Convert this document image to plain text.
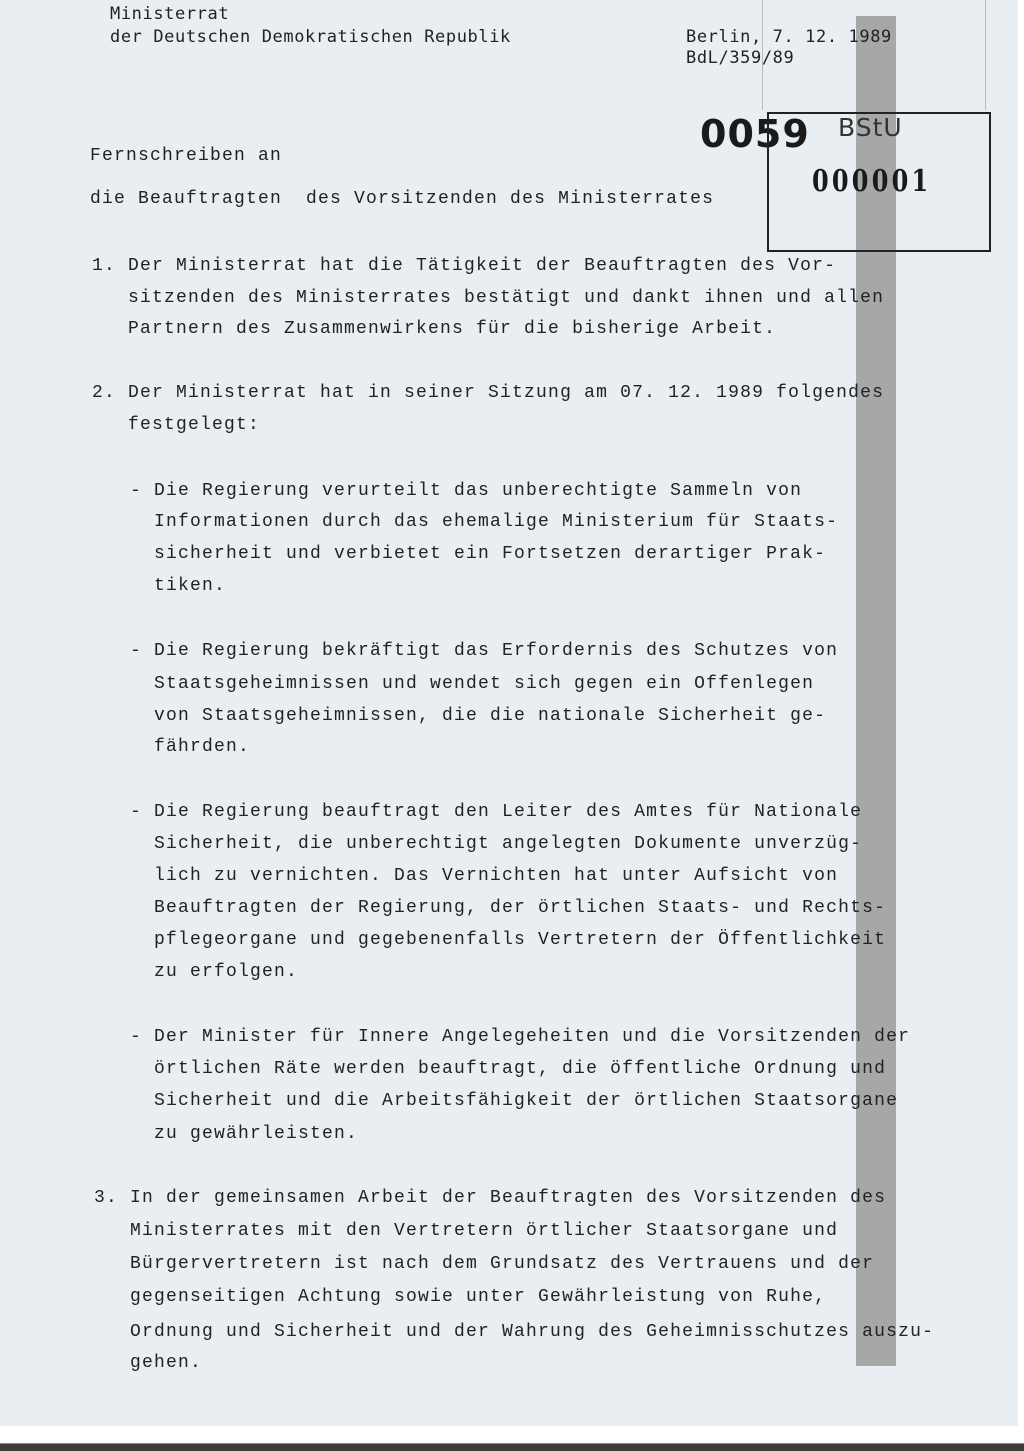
Ministerrat
der Deutschen Demokratischen Republik	Berlin, 7. 12. 1989
BdL/359/89
0059 BStU
000001
Fernschreiben an
die Beauftragten  des Vorsitzenden des Ministerrates
1. Der Ministerrat hat die Tätigkeit der Beauftragten des Vor-
sitzenden des Ministerrates bestätigt und dankt ihnen und allen
Partnern des Zusammenwirkens für die bisherige Arbeit.
2. Der Ministerrat hat in seiner Sitzung am 07. 12. 1989 folgendes
festgelegt:
- Die Regierung verurteilt das unberechtigte Sammeln von
Informationen durch das ehemalige Ministerium für Staats-
sicherheit und verbietet ein Fortsetzen derartiger Prak-
tiken.
- Die Regierung bekräftigt das Erfordernis des Schutzes von
Staatsgeheimnissen und wendet sich gegen ein Offenlegen
von Staatsgeheimnissen, die die nationale Sicherheit ge-
fährden.
- Die Regierung beauftragt den Leiter des Amtes für Nationale
Sicherheit, die unberechtigt angelegten Dokumente unverzüg-
lich zu vernichten. Das Vernichten hat unter Aufsicht von
Beauftragten der Regierung, der örtlichen Staats- und Rechts-
pflegeorgane und gegebenenfalls Vertretern der Öffentlichkeit
zu erfolgen.
- Der Minister für Innere Angelegeheiten und die Vorsitzenden der
örtlichen Räte werden beauftragt, die öffentliche Ordnung und
Sicherheit und die Arbeitsfähigkeit der örtlichen Staatsorgane
zu gewährleisten.
3. In der gemeinsamen Arbeit der Beauftragten des Vorsitzenden des
Ministerrates mit den Vertretern örtlicher Staatsorgane und
Bürgervertretern ist nach dem Grundsatz des Vertrauens und der
gegenseitigen Achtung sowie unter Gewährleistung von Ruhe,
Ordnung und Sicherheit und der Wahrung des Geheimnisschutzes auszu-
gehen.
